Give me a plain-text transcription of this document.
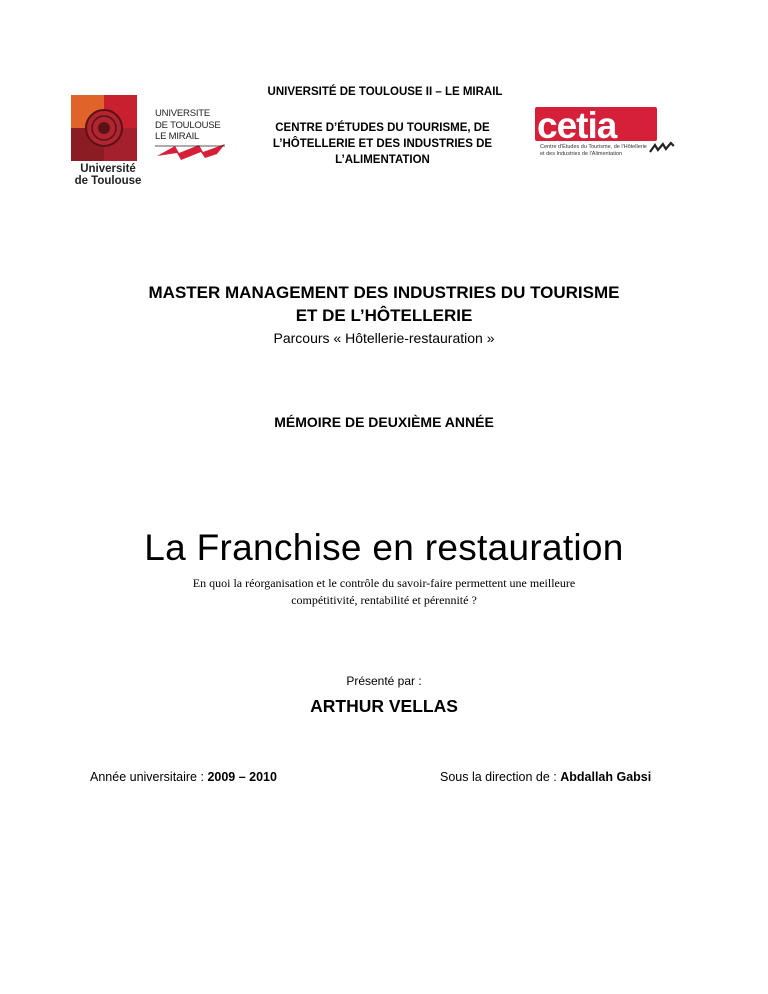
UNIVERSITÉ DE TOULOUSE II – LE MIRAIL
CENTRE D’ÉTUDES DU TOURISME, DE
L’HÔTELLERIE ET DES INDUSTRIES DE
L’ALIMENTATION
Université
de Toulouse
UNIVERSITE
DE TOULOUSE
LE MIRAIL	cetia
Centre d'Études du Tourisme, de l'Hôtellerie
et des Industries de l'Alimentation
MASTER MANAGEMENT DES INDUSTRIES DU TOURISME
ET DE L’HÔTELLERIE
Parcours « Hôtellerie-restauration »
MÉMOIRE DE DEUXIÈME ANNÉE
La Franchise en restauration
En quoi la réorganisation et le contrôle du savoir-faire permettent une meilleure
compétitivité, rentabilité et pérennité ?
Présenté par :
ARTHUR VELLAS
Année universitaire : 2009 – 2010	Sous la direction de : Abdallah Gabsi
